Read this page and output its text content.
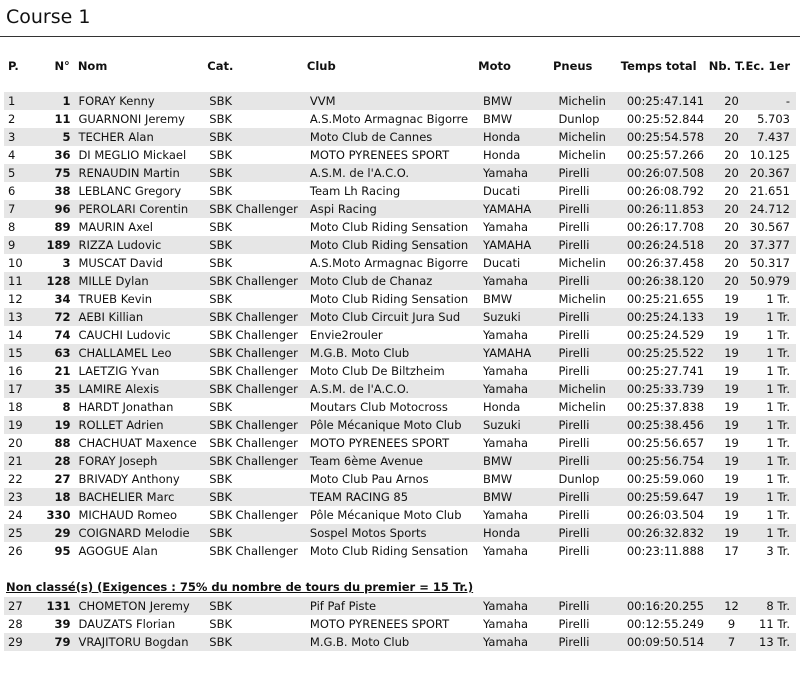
Course 1
P.	N°	Nom	Cat.	Club	Moto	Pneus	Temps total	Nb. T.	Ec. 1er
1	1	FORAY Kenny	SBK	VVM	BMW	Michelin	00:25:47.141	20	-
2	11	GUARNONI Jeremy	SBK	A.S.Moto Armagnac Bigorre	BMW	Dunlop	00:25:52.844	20	5.703
3	5	TECHER Alan	SBK	Moto Club de Cannes	Honda	Michelin	00:25:54.578	20	7.437
4	36	DI MEGLIO Mickael	SBK	MOTO PYRENEES SPORT	Honda	Michelin	00:25:57.266	20	10.125
5	75	RENAUDIN Martin	SBK	A.S.M. de l'A.C.O.	Yamaha	Pirelli	00:26:07.508	20	20.367
6	38	LEBLANC Gregory	SBK	Team Lh Racing	Ducati	Pirelli	00:26:08.792	20	21.651
7	96	PEROLARI Corentin	SBK Challenger	Aspi Racing	YAMAHA	Pirelli	00:26:11.853	20	24.712
8	89	MAURIN Axel	SBK	Moto Club Riding Sensation	Yamaha	Pirelli	00:26:17.708	20	30.567
9	189	RIZZA Ludovic	SBK	Moto Club Riding Sensation	YAMAHA	Pirelli	00:26:24.518	20	37.377
10	3	MUSCAT David	SBK	A.S.Moto Armagnac Bigorre	Ducati	Michelin	00:26:37.458	20	50.317
11	128	MILLE Dylan	SBK Challenger	Moto Club de Chanaz	Yamaha	Pirelli	00:26:38.120	20	50.979
12	34	TRUEB Kevin	SBK	Moto Club Riding Sensation	BMW	Michelin	00:25:21.655	19	1 Tr.
13	72	AEBI Killian	SBK Challenger	Moto Club Circuit Jura Sud	Suzuki	Pirelli	00:25:24.133	19	1 Tr.
14	74	CAUCHI Ludovic	SBK Challenger	Envie2rouler	Yamaha	Pirelli	00:25:24.529	19	1 Tr.
15	63	CHALLAMEL Leo	SBK Challenger	M.G.B. Moto Club	YAMAHA	Pirelli	00:25:25.522	19	1 Tr.
16	21	LAETZIG Yvan	SBK Challenger	Moto Club De Biltzheim	Yamaha	Pirelli	00:25:27.741	19	1 Tr.
17	35	LAMIRE Alexis	SBK Challenger	A.S.M. de l'A.C.O.	Yamaha	Michelin	00:25:33.739	19	1 Tr.
18	8	HARDT Jonathan	SBK	Moutars Club Motocross	Honda	Michelin	00:25:37.838	19	1 Tr.
19	19	ROLLET Adrien	SBK Challenger	Pôle Mécanique Moto Club	Suzuki	Pirelli	00:25:38.456	19	1 Tr.
20	88	CHACHUAT Maxence	SBK Challenger	MOTO PYRENEES SPORT	Yamaha	Pirelli	00:25:56.657	19	1 Tr.
21	28	FORAY Joseph	SBK Challenger	Team 6ème Avenue	BMW	Pirelli	00:25:56.754	19	1 Tr.
22	27	BRIVADY Anthony	SBK	Moto Club Pau Arnos	BMW	Dunlop	00:25:59.060	19	1 Tr.
23	18	BACHELIER Marc	SBK	TEAM RACING 85	BMW	Pirelli	00:25:59.647	19	1 Tr.
24	330	MICHAUD Romeo	SBK Challenger	Pôle Mécanique Moto Club	Yamaha	Pirelli	00:26:03.504	19	1 Tr.
25	29	COIGNARD Melodie	SBK	Sospel Motos Sports	Honda	Pirelli	00:26:32.832	19	1 Tr.
26	95	AGOGUE Alan	SBK Challenger	Moto Club Riding Sensation	Yamaha	Pirelli	00:23:11.888	17	3 Tr.
Non classé(s) (Exigences : 75% du nombre de tours du premier = 15 Tr.)
27	131	CHOMETON Jeremy	SBK	Pif Paf Piste	Yamaha	Pirelli	00:16:20.255	12	8 Tr.
28	39	DAUZATS Florian	SBK	MOTO PYRENEES SPORT	Yamaha	Pirelli	00:12:55.249	9	11 Tr.
29	79	VRAJITORU Bogdan	SBK	M.G.B. Moto Club	Yamaha	Pirelli	00:09:50.514	7	13 Tr.
